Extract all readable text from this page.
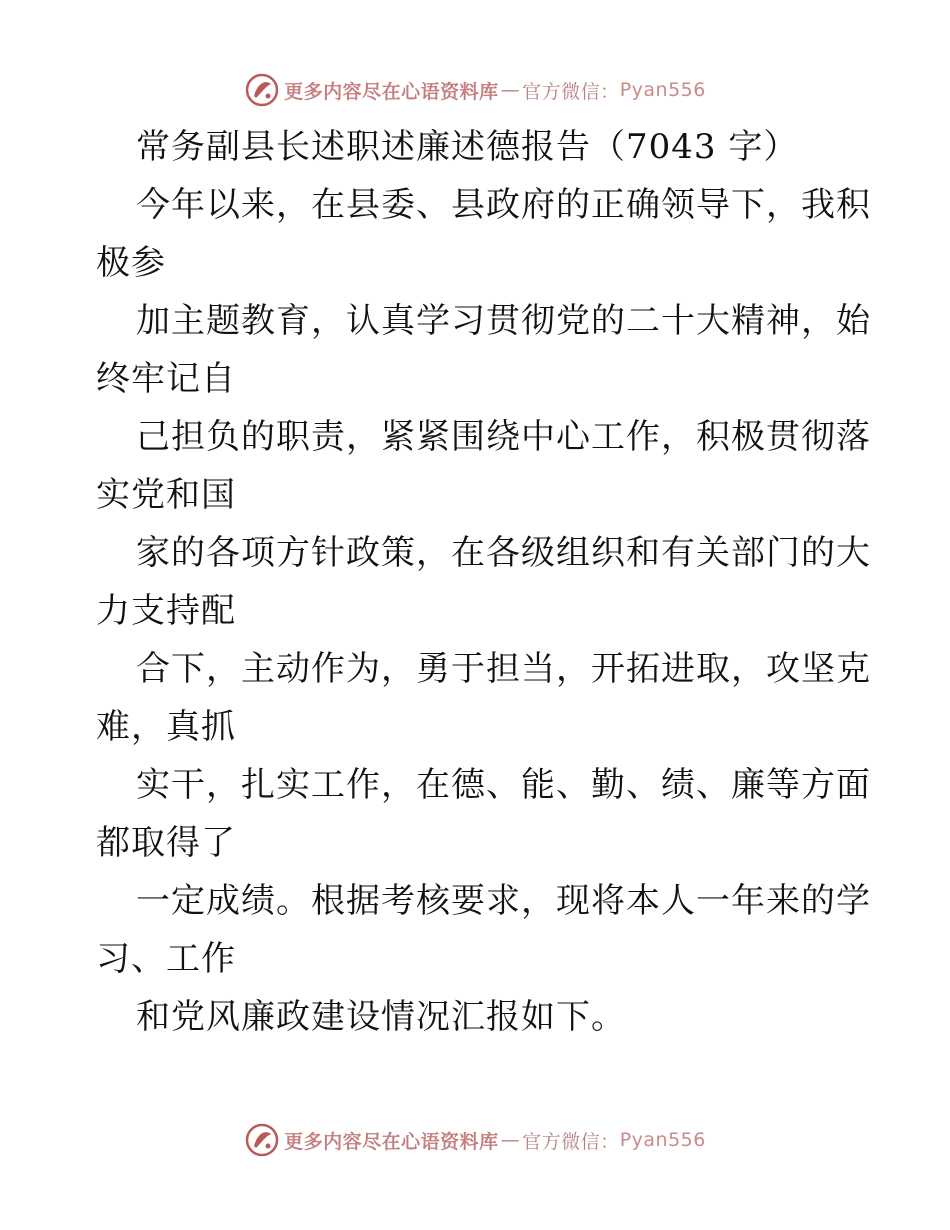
更多内容尽在心语资料库 — 官方微信： Pyan556

常务副县长述职述廉述德报告（7043 字）

今年以来，在县委、县政府的正确领导下，我积

极参

加主题教育，认真学习贯彻党的二十大精神，始

终牢记自

己担负的职责，紧紧围绕中心工作，积极贯彻落

实党和国

家的各项方针政策，在各级组织和有关部门的大

力支持配

合下，主动作为，勇于担当，开拓进取，攻坚克

难，真抓

实干，扎实工作，在德、能、勤、绩、廉等方面

都取得了

一定成绩。根据考核要求，现将本人一年来的学

习、工作

和党风廉政建设情况汇报如下。

更多内容尽在心语资料库 — 官方微信： Pyan556
